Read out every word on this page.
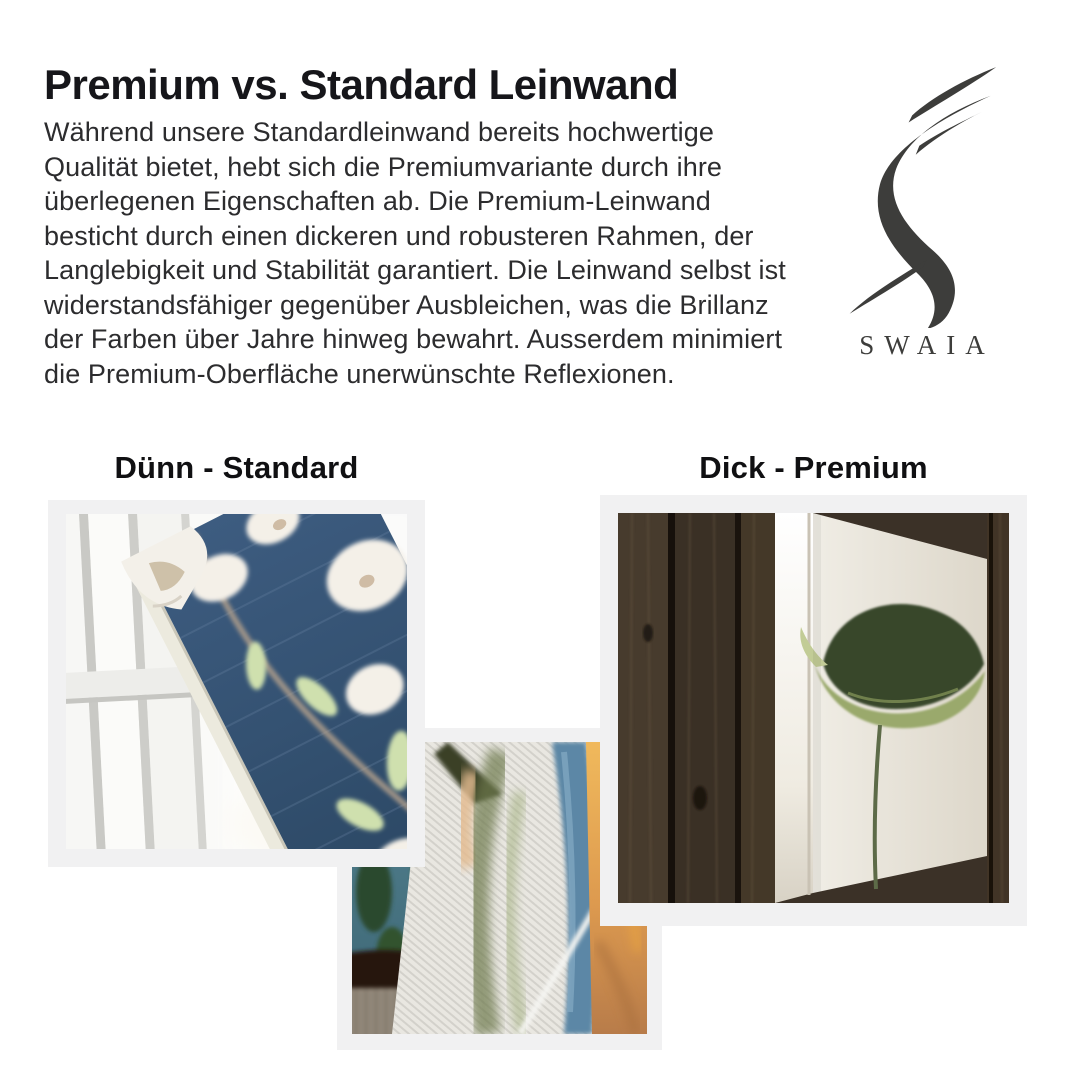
Premium vs. Standard Leinwand

Während unsere Standardleinwand bereits hochwertige Qualität bietet, hebt sich die Premiumvariante durch ihre überlegenen Eigenschaften ab. Die Premium-Leinwand besticht durch einen dickeren und robusteren Rahmen, der Langlebigkeit und Stabilität garantiert. Die Leinwand selbst ist widerstandsfähiger gegenüber Ausbleichen, was die Brillanz der Farben über Jahre hinweg bewahrt. Ausserdem minimiert die Premium-Oberfläche unerwünschte Reflexionen.

SWAIA
Dünn - Standard	Dick - Premium
